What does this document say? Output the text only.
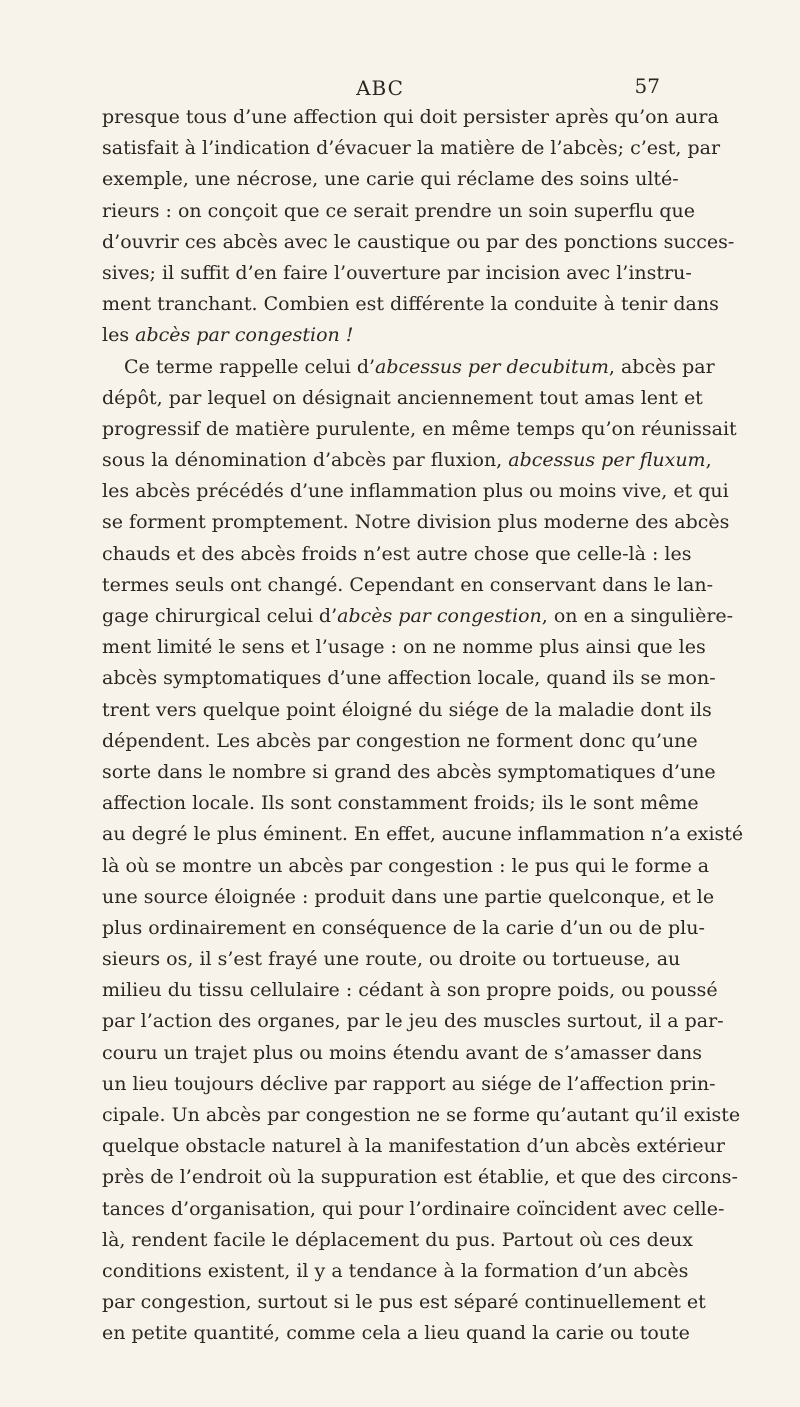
ABC	57
presque tous d’une affection qui doit persister après qu’on aura
satisfait à l’indication d’évacuer la matière de l’abcès; c’est, par
exemple, une nécrose, une carie qui réclame des soins ulté-
rieurs : on conçoit que ce serait prendre un soin superflu que
d’ouvrir ces abcès avec le caustique ou par des ponctions succes-
sives; il suffit d’en faire l’ouverture par incision avec l’instru-
ment tranchant. Combien est différente la conduite à tenir dans
les abcès par congestion !
Ce terme rappelle celui d’abcessus per decubitum, abcès par
dépôt, par lequel on désignait anciennement tout amas lent et
progressif de matière purulente, en même temps qu’on réunissait
sous la dénomination d’abcès par fluxion, abcessus per fluxum,
les abcès précédés d’une inflammation plus ou moins vive, et qui
se forment promptement. Notre division plus moderne des abcès
chauds et des abcès froids n’est autre chose que celle-là : les
termes seuls ont changé. Cependant en conservant dans le lan-
gage chirurgical celui d’abcès par congestion, on en a singulière-
ment limité le sens et l’usage : on ne nomme plus ainsi que les
abcès symptomatiques d’une affection locale, quand ils se mon-
trent vers quelque point éloigné du siége de la maladie dont ils
dépendent. Les abcès par congestion ne forment donc qu’une
sorte dans le nombre si grand des abcès symptomatiques d’une
affection locale. Ils sont constamment froids; ils le sont même
au degré le plus éminent. En effet, aucune inflammation n’a existé
là où se montre un abcès par congestion : le pus qui le forme a
une source éloignée : produit dans une partie quelconque, et le
plus ordinairement en conséquence de la carie d’un ou de plu-
sieurs os, il s’est frayé une route, ou droite ou tortueuse, au
milieu du tissu cellulaire : cédant à son propre poids, ou poussé
par l’action des organes, par le jeu des muscles surtout, il a par-
couru un trajet plus ou moins étendu avant de s’amasser dans
un lieu toujours déclive par rapport au siége de l’affection prin-
cipale. Un abcès par congestion ne se forme qu’autant qu’il existe
quelque obstacle naturel à la manifestation d’un abcès extérieur
près de l’endroit où la suppuration est établie, et que des circons-
tances d’organisation, qui pour l’ordinaire coïncident avec celle-
là, rendent facile le déplacement du pus. Partout où ces deux
conditions existent, il y a tendance à la formation d’un abcès
par congestion, surtout si le pus est séparé continuellement et
en petite quantité, comme cela a lieu quand la carie ou toute
